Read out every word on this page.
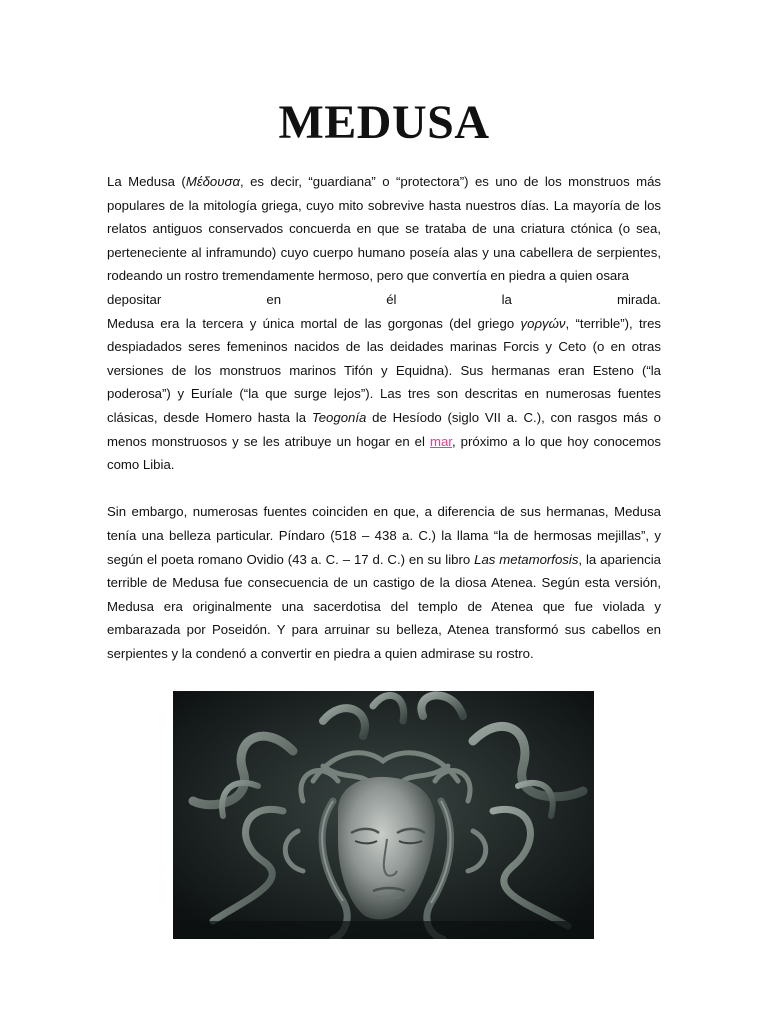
MEDUSA

La Medusa (Μέδουσα, es decir, “guardiana” o “protectora”) es uno de los monstruos más populares de la mitología griega, cuyo mito sobrevive hasta nuestros días. La mayoría de los relatos antiguos conservados concuerda en que se trataba de una criatura ctónica (o sea, perteneciente al inframundo) cuyo cuerpo humano poseía alas y una cabellera de serpientes, rodeando un rostro tremendamente hermoso, pero que convertía en piedra a quien osara

depositar	en	él	la	mirada.

Medusa era la tercera y única mortal de las gorgonas (del griego γοργών, “terrible”), tres despiadados seres femeninos nacidos de las deidades marinas Forcis y Ceto (o en otras versiones de los monstruos marinos Tifón y Equidna). Sus hermanas eran Esteno (“la poderosa”) y Euríale (“la que surge lejos”). Las tres son descritas en numerosas fuentes clásicas, desde Homero hasta la Teogonía de Hesíodo (siglo VII a. C.), con rasgos más o menos monstruosos y se les atribuye un hogar en el mar, próximo a lo que hoy conocemos como Libia.

Sin embargo, numerosas fuentes coinciden en que, a diferencia de sus hermanas, Medusa tenía una belleza particular. Píndaro (518 – 438 a. C.) la llama “la de hermosas mejillas”, y según el poeta romano Ovidio (43 a. C. – 17 d. C.) en su libro Las metamorfosis, la apariencia terrible de Medusa fue consecuencia de un castigo de la diosa Atenea. Según esta versión, Medusa era originalmente una sacerdotisa del templo de Atenea que fue violada y embarazada por Poseidón. Y para arruinar su belleza, Atenea transformó sus cabellos en serpientes y la condenó a convertir en piedra a quien admirase su rostro.
